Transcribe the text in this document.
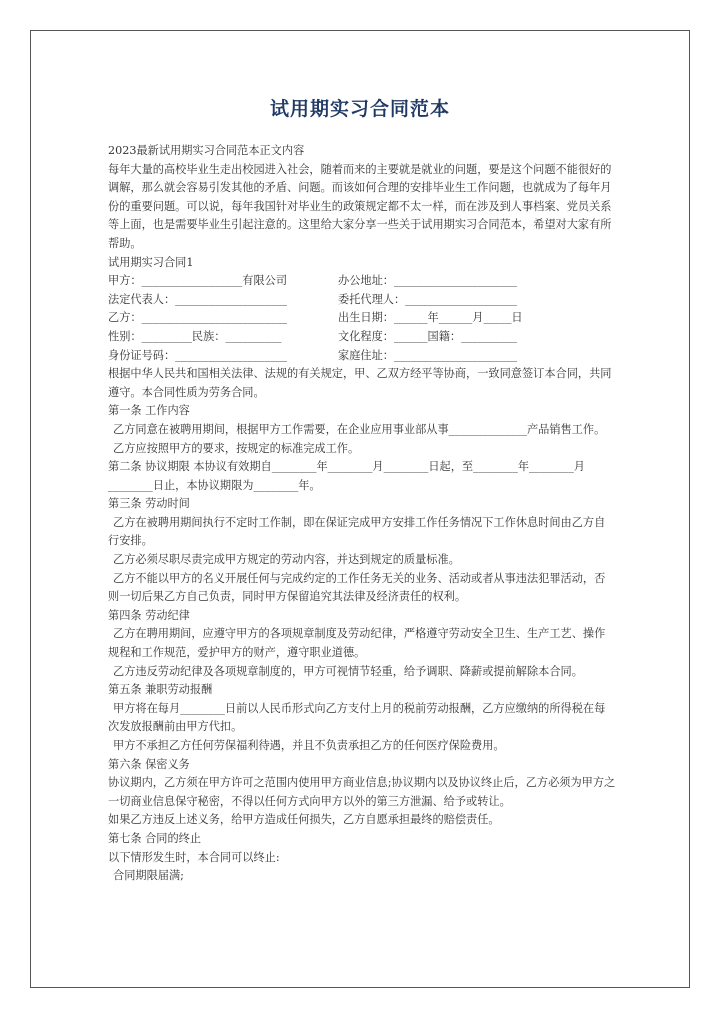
试用期实习合同范本

2023最新试用期实习合同范本正文内容

每年大量的高校毕业生走出校园进入社会，随着而来的主要就是就业的问题，要是这个问题不能很好的调解，那么就会容易引发其他的矛盾、问题。而该如何合理的安排毕业生工作问题，也就成为了每年月份的重要问题。可以说，每年我国针对毕业生的政策规定都不太一样，而在涉及到人事档案、党员关系等上面，也是需要毕业生引起注意的。这里给大家分享一些关于试用期实习合同范本，希望对大家有所帮助。

试用期实习合同1

甲方：__________________有限公司	办公地址：______________________
法定代表人：____________________	委托代理人：____________________
乙方：__________________________	出生日期：______年______月_____日
性别：_________民族：__________	文化程度：______国籍：__________
身份证号码：____________________	家庭住址：______________________

根据中华人民共和国相关法律、法规的有关规定，甲、乙双方经平等协商，一致同意签订本合同，共同遵守。本合同性质为劳务合同。

第一条 工作内容

乙方同意在被聘用期间，根据甲方工作需要，在企业应用事业部从事______________产品销售工作。

乙方应按照甲方的要求，按规定的标准完成工作。

第二条 协议期限 本协议有效期自________年________月________日起，至________年________月________日止，本协议期限为________年。

第三条 劳动时间

乙方在被聘用期间执行不定时工作制，即在保证完成甲方安排工作任务情况下工作休息时间由乙方自行安排。

乙方必须尽职尽责完成甲方规定的劳动内容，并达到规定的质量标准。

乙方不能以甲方的名义开展任何与完成约定的工作任务无关的业务、活动或者从事违法犯罪活动，否则一切后果乙方自己负责，同时甲方保留追究其法律及经济责任的权利。

第四条 劳动纪律

乙方在聘用期间，应遵守甲方的各项规章制度及劳动纪律，严格遵守劳动安全卫生、生产工艺、操作规程和工作规范，爱护甲方的财产，遵守职业道德。

乙方违反劳动纪律及各项规章制度的，甲方可视情节轻重，给予调职、降薪或提前解除本合同。

第五条 兼职劳动报酬

甲方将在每月________日前以人民币形式向乙方支付上月的税前劳动报酬，乙方应缴纳的所得税在每次发放报酬前由甲方代扣。

甲方不承担乙方任何劳保福利待遇，并且不负责承担乙方的任何医疗保险费用。

第六条 保密义务

协议期内，乙方须在甲方许可之范围内使用甲方商业信息;协议期内以及协议终止后，乙方必须为甲方之一切商业信息保守秘密，不得以任何方式向甲方以外的第三方泄漏、给予或转让。

如果乙方违反上述义务，给甲方造成任何损失，乙方自愿承担最终的赔偿责任。

第七条 合同的终止

以下情形发生时，本合同可以终止:

合同期限届满;
